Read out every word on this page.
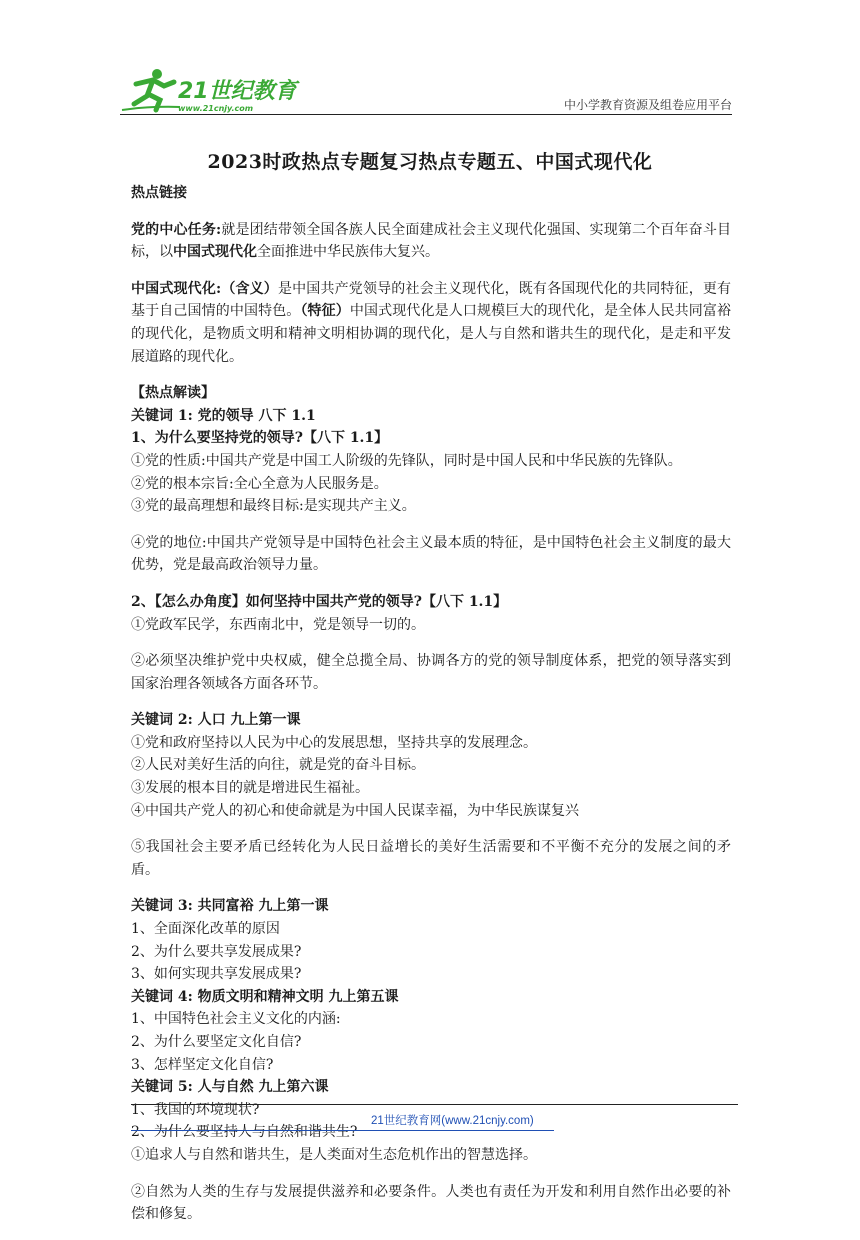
21世纪教育
www.21cnjy.com	中小学教育资源及组卷应用平台
2023时政热点专题复习热点专题五、中国式现代化

热点链接

党的中心任务:就是团结带领全国各族人民全面建成社会主义现代化强国、实现第二个百年奋斗目标，以中国式现代化全面推进中华民族伟大复兴。

中国式现代化:（含义）是中国共产党领导的社会主义现代化，既有各国现代化的共同特征，更有基于自己国情的中国特色。（特征）中国式现代化是人口规模巨大的现代化，是全体人民共同富裕的现代化，是物质文明和精神文明相协调的现代化，是人与自然和谐共生的现代化，是走和平发展道路的现代化。

【热点解读】

关键词 1: 党的领导 八下 1.1

1、为什么要坚持党的领导?【八下 1.1】

①党的性质:中国共产党是中国工人阶级的先锋队，同时是中国人民和中华民族的先锋队。

②党的根本宗旨:全心全意为人民服务是。

③党的最高理想和最终目标:是实现共产主义。

④党的地位:中国共产党领导是中国特色社会主义最本质的特征，是中国特色社会主义制度的最大优势，党是最高政治领导力量。

2、【怎么办角度】如何坚持中国共产党的领导?【八下 1.1】

①党政军民学，东西南北中，党是领导一切的。

②必须坚决维护党中央权威，健全总揽全局、协调各方的党的领导制度体系，把党的领导落实到国家治理各领域各方面各环节。

关键词 2: 人口 九上第一课

①党和政府坚持以人民为中心的发展思想，坚持共享的发展理念。

②人民对美好生活的向往，就是党的奋斗目标。

③发展的根本目的就是增进民生福祉。

④中国共产党人的初心和使命就是为中国人民谋幸福，为中华民族谋复兴

⑤我国社会主要矛盾已经转化为人民日益增长的美好生活需要和不平衡不充分的发展之间的矛盾。

关键词 3: 共同富裕 九上第一课

1、全面深化改革的原因

2、为什么要共享发展成果?

3、如何实现共享发展成果?

关键词 4: 物质文明和精神文明 九上第五课

1、中国特色社会主义文化的内涵:

2、为什么要坚定文化自信?

3、怎样坚定文化自信?

关键词 5: 人与自然 九上第六课

1、我国的环境现状?

2、为什么要坚持人与自然和谐共生?

①追求人与自然和谐共生，是人类面对生态危机作出的智慧选择。

②自然为人类的生存与发展提供滋养和必要条件。人类也有责任为开发和利用自然作出必要的补偿和修复。

21世纪教育网(www.21cnjy.com)
